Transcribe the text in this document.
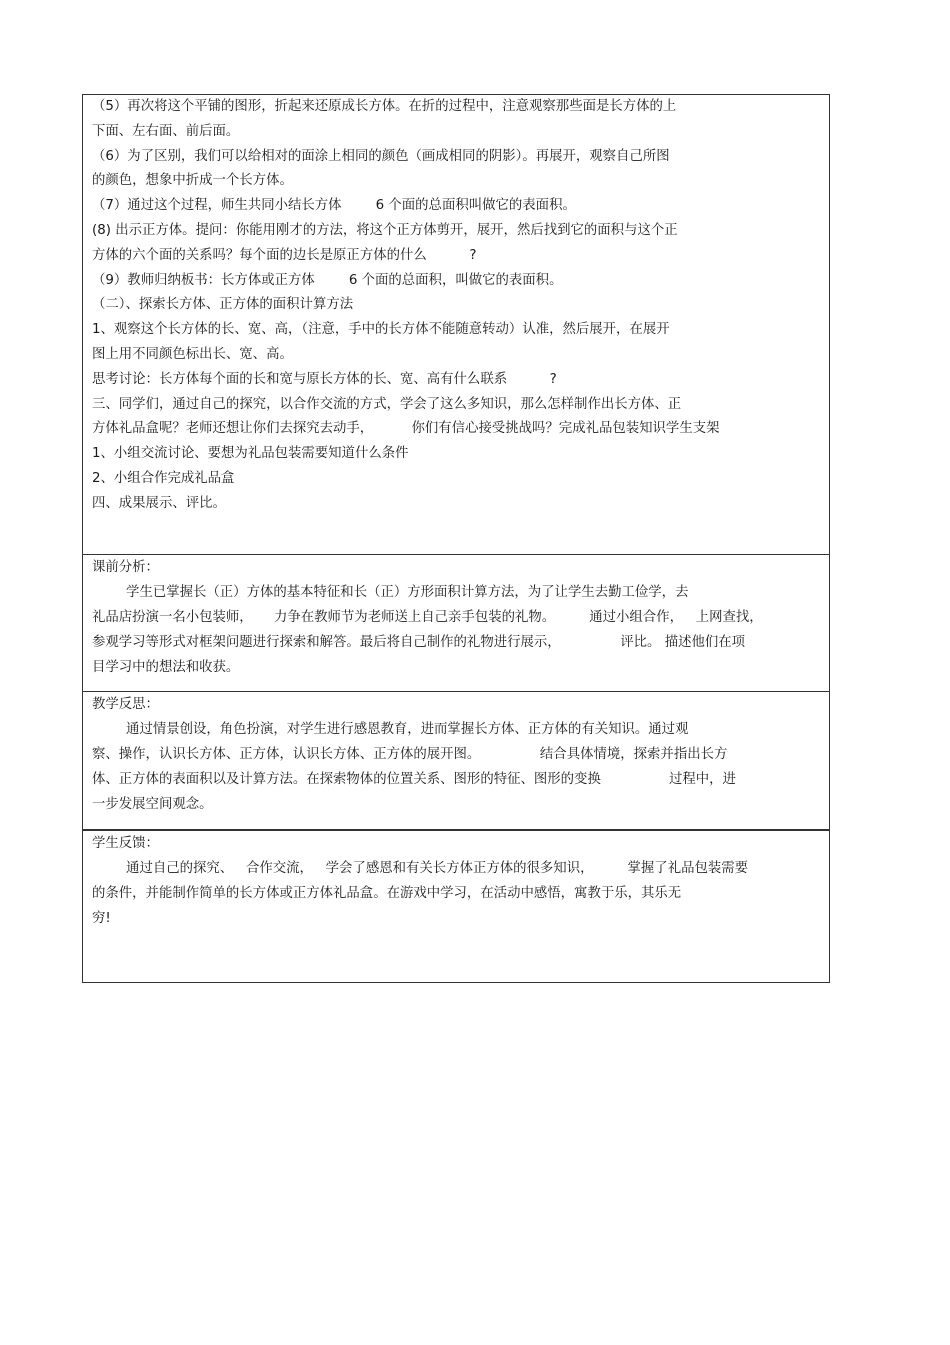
（5）再次将这个平铺的图形，折起来还原成长方体。在折的过程中，注意观察那些面是长方体的上
下面、左右面、前后面。
（6）为了区别，我们可以给相对的面涂上相同的颜色（画成相同的阴影）。再展开，观察自己所图
的颜色，想象中折成一个长方体。
（7）通过这个过程，师生共同小结长方体        6 个面的总面积叫做它的表面积。
(8) 出示正方体。提问：你能用刚才的方法，将这个正方体剪开，展开，然后找到它的面积与这个正
方体的六个面的关系吗？每个面的边长是原正方体的什么          ?
（9）教师归纳板书：长方体或正方体        6 个面的总面积，叫做它的表面积。
（二）、探索长方体、正方体的面积计算方法
1、观察这个长方体的长、宽、高，（注意，手中的长方体不能随意转动）认准，然后展开，在展开
图上用不同颜色标出长、宽、高。
思考讨论：长方体每个面的长和宽与原长方体的长、宽、高有什么联系          ?
三、同学们，通过自己的探究，以合作交流的方式，学会了这么多知识，那么怎样制作出长方体、正
方体礼品盒呢？老师还想让你们去探究去动手，         你们有信心接受挑战吗？完成礼品包装知识学生支架
1、小组交流讨论、要想为礼品包装需要知道什么条件
2、小组合作完成礼品盒
四、成果展示、评比。
课前分析：
学生已掌握长（正）方体的基本特征和长（正）方形面积计算方法，为了让学生去勤工俭学，去
礼品店扮演一名小包装师，     力争在教师节为老师送上自己亲手包装的礼物。        通过小组合作，   上网查找，
参观学习等形式对框架问题进行探索和解答。最后将自己制作的礼物进行展示，              评比。 描述他们在项
目学习中的想法和收获。
教学反思：
通过情景创设，角色扮演，对学生进行感恩教育，进而掌握长方体、正方体的有关知识。通过观
察、操作，认识长方体、正方体，认识长方体、正方体的展开图。              结合具体情境，探索并指出长方
体、正方体的表面积以及计算方法。在探索物体的位置关系、图形的特征、图形的变换                过程中，进
一步发展空间观念。
学生反馈：
通过自己的探究、   合作交流，   学会了感恩和有关长方体正方体的很多知识，        掌握了礼品包装需要
的条件，并能制作简单的长方体或正方体礼品盒。在游戏中学习，在活动中感悟，寓教于乐，其乐无
穷!
